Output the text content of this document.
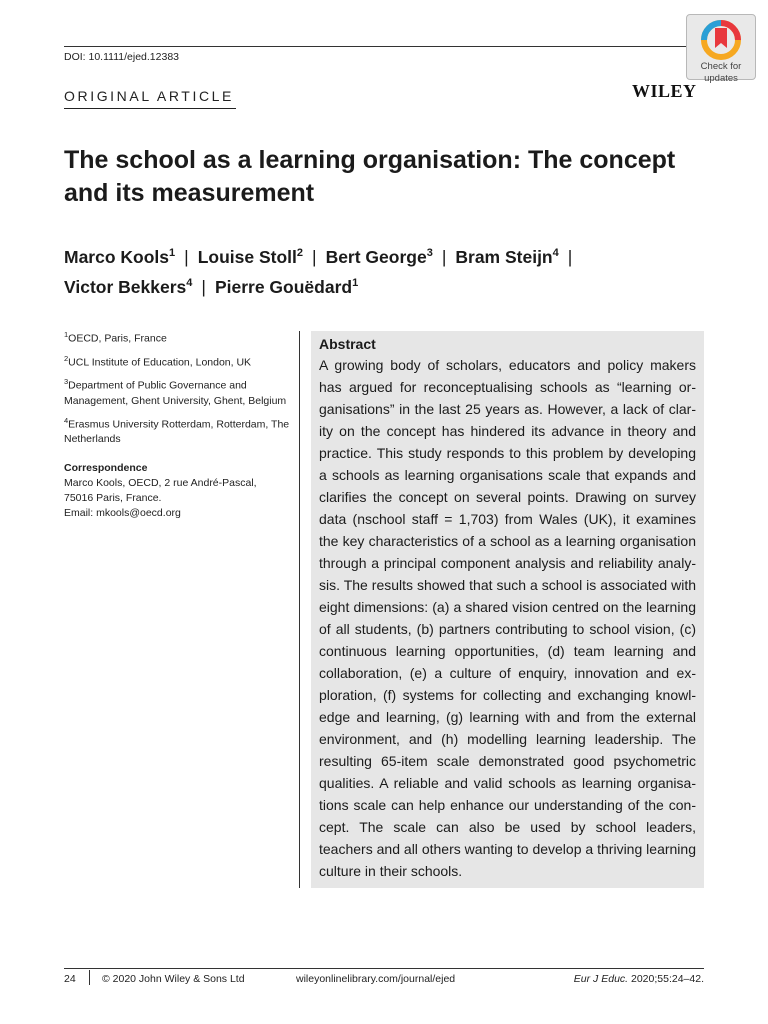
DOI: 10.1111/ejed.12383
Check for
updates
ORIGINAL ARTICLE	WILEY
The school as a learning organisation: The concept and its measurement
Marco Kools$^1$ | Louise Stoll$^2$ | Bert George$^3$ | Bram Steijn$^4$ |
Victor Bekkers$^4$ | Pierre Gouëdard$^1$
$^1$OECD, Paris, France
$^2$UCL Institute of Education, London, UK
$^3$Department of Public Governance and Management, Ghent University, Ghent, Belgium
$^4$Erasmus University Rotterdam, Rotterdam, The Netherlands
Correspondence
Marco Kools, OECD, 2 rue André-Pascal,
75016 Paris, France.
Email: mkools@oecd.org
Abstract
A growing body of scholars, educators and policy makers has argued for reconceptualising schools as “learning organisations” in the last 25 years as. However, a lack of clarity on the concept has hindered its advance in theory and practice. This study responds to this problem by developing a schools as learning organisations scale that expands and clarifies the concept on several points. Drawing on survey data (nschool staff = 1,703) from Wales (UK), it examines the key characteristics of a school as a learning organisation through a principal component analysis and reliability analysis. The results showed that such a school is associated with eight dimensions: (a) a shared vision centred on the learning of all students, (b) partners contributing to school vision, (c) continuous learning opportunities, (d) team learning and collaboration, (e) a culture of enquiry, innovation and exploration, (f) systems for collecting and exchanging knowledge and learning, (g) learning with and from the external environment, and (h) modelling learning leadership. The resulting 65-item scale demonstrated good psychometric qualities. A reliable and valid schools as learning organisations scale can help enhance our understanding of the concept. The scale can also be used by school leaders, teachers and all others wanting to develop a thriving learning culture in their schools.
24	© 2020 John Wiley & Sons Ltd	wileyonlinelibrary.com/journal/ejed	Eur J Educ. 2020;55:24–42.
